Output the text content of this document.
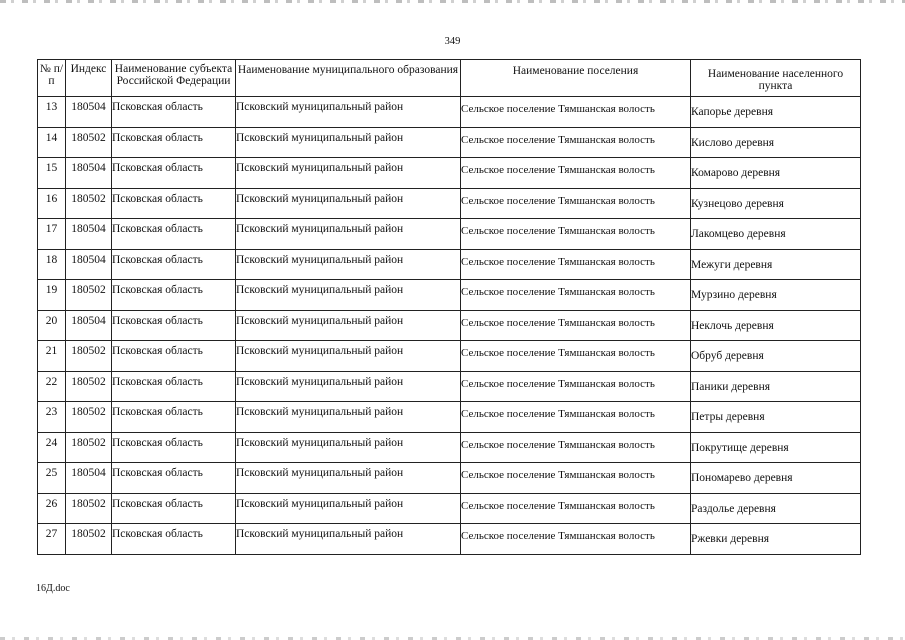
349
№ п/п	Индекс	Наименование субъекта Российской Федерации	Наименование муниципального образования	Наименование поселения	Наименование населенного пункта
13	180504	Псковская область	Псковский муниципальный район	Сельское поселение Тямшанская волость	Капорье деревня
14	180502	Псковская область	Псковский муниципальный район	Сельское поселение Тямшанская волость	Кислово деревня
15	180504	Псковская область	Псковский муниципальный район	Сельское поселение Тямшанская волость	Комарово деревня
16	180502	Псковская область	Псковский муниципальный район	Сельское поселение Тямшанская волость	Кузнецово деревня
17	180504	Псковская область	Псковский муниципальный район	Сельское поселение Тямшанская волость	Лакомцево деревня
18	180504	Псковская область	Псковский муниципальный район	Сельское поселение Тямшанская волость	Межуги деревня
19	180502	Псковская область	Псковский муниципальный район	Сельское поселение Тямшанская волость	Мурзино деревня
20	180504	Псковская область	Псковский муниципальный район	Сельское поселение Тямшанская волость	Неклочь деревня
21	180502	Псковская область	Псковский муниципальный район	Сельское поселение Тямшанская волость	Обруб деревня
22	180502	Псковская область	Псковский муниципальный район	Сельское поселение Тямшанская волость	Паники деревня
23	180502	Псковская область	Псковский муниципальный район	Сельское поселение Тямшанская волость	Петры деревня
24	180502	Псковская область	Псковский муниципальный район	Сельское поселение Тямшанская волость	Покрутище деревня
25	180504	Псковская область	Псковский муниципальный район	Сельское поселение Тямшанская волость	Пономарево деревня
26	180502	Псковская область	Псковский муниципальный район	Сельское поселение Тямшанская волость	Раздолье деревня
27	180502	Псковская область	Псковский муниципальный район	Сельское поселение Тямшанская волость	Ржевки деревня
16Д.doc
